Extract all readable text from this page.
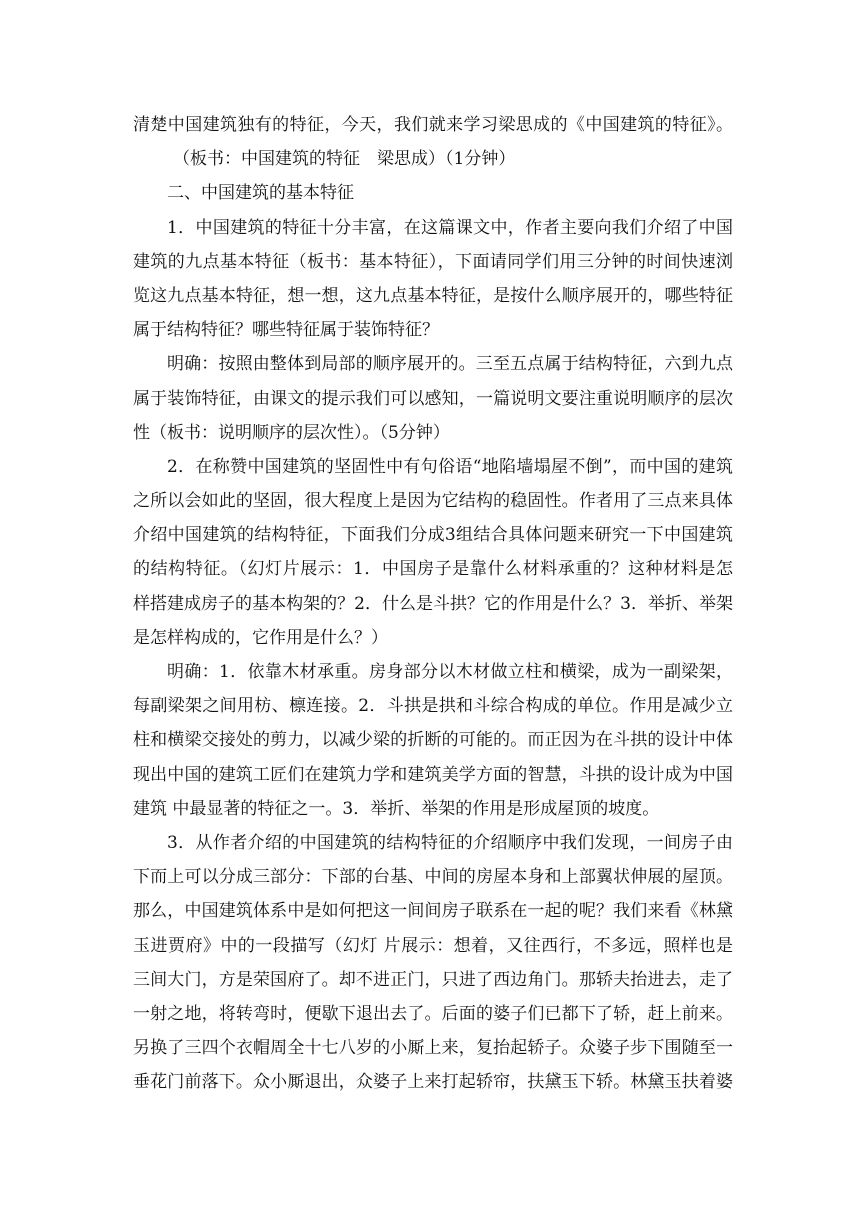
清楚中国建筑独有的特征，今天，我们就来学习梁思成的《中国建筑的特征》。
（板书：中国建筑的特征　梁思成）（1分钟）
二、中国建筑的基本特征
1．中国建筑的特征十分丰富，在这篇课文中，作者主要向我们介绍了中国
建筑的九点基本特征（板书：基本特征），下面请同学们用三分钟的时间快速浏
览这九点基本特征，想一想，这九点基本特征，是按什么顺序展开的，哪些特征
属于结构特征？哪些特征属于装饰特征？
明确：按照由整体到局部的顺序展开的。三至五点属于结构特征，六到九点
属于装饰特征，由课文的提示我们可以感知，一篇说明文要注重说明顺序的层次
性（板书：说明顺序的层次性）。（5分钟）
2．在称赞中国建筑的坚固性中有句俗语“地陷墙塌屋不倒”，而中国的建筑
之所以会如此的坚固，很大程度上是因为它结构的稳固性。作者用了三点来具体
介绍中国建筑的结构特征，下面我们分成3组结合具体问题来研究一下中国建筑
的结构特征。（幻灯片展示：1．中国房子是靠什么材料承重的？这种材料是怎
样搭建成房子的基本构架的？2．什么是斗拱？它的作用是什么？3．举折、举架
是怎样构成的，它作用是什么？）
明确：1．依靠木材承重。房身部分以木材做立柱和横梁，成为一副梁架，
每副梁架之间用枋、檩连接。2．斗拱是拱和斗综合构成的单位。作用是减少立
柱和横梁交接处的剪力，以减少梁的折断的可能的。而正因为在斗拱的设计中体
现出中国的建筑工匠们在建筑力学和建筑美学方面的智慧，斗拱的设计成为中国
建筑 中最显著的特征之一。3．举折、举架的作用是形成屋顶的坡度。
3．从作者介绍的中国建筑的结构特征的介绍顺序中我们发现，一间房子由
下而上可以分成三部分：下部的台基、中间的房屋本身和上部翼状伸展的屋顶。
那么，中国建筑体系中是如何把这一间间房子联系在一起的呢？我们来看《林黛
玉进贾府》中的一段描写（幻灯 片展示：想着，又往西行，不多远，照样也是
三间大门，方是荣国府了。却不进正门，只进了西边角门。那轿夫抬进去，走了
一射之地，将转弯时，便歇下退出去了。后面的婆子们已都下了轿，赶上前来。
另换了三四个衣帽周全十七八岁的小厮上来，复抬起轿子。众婆子步下围随至一
垂花门前落下。众小厮退出，众婆子上来打起轿帘，扶黛玉下轿。林黛玉扶着婆
